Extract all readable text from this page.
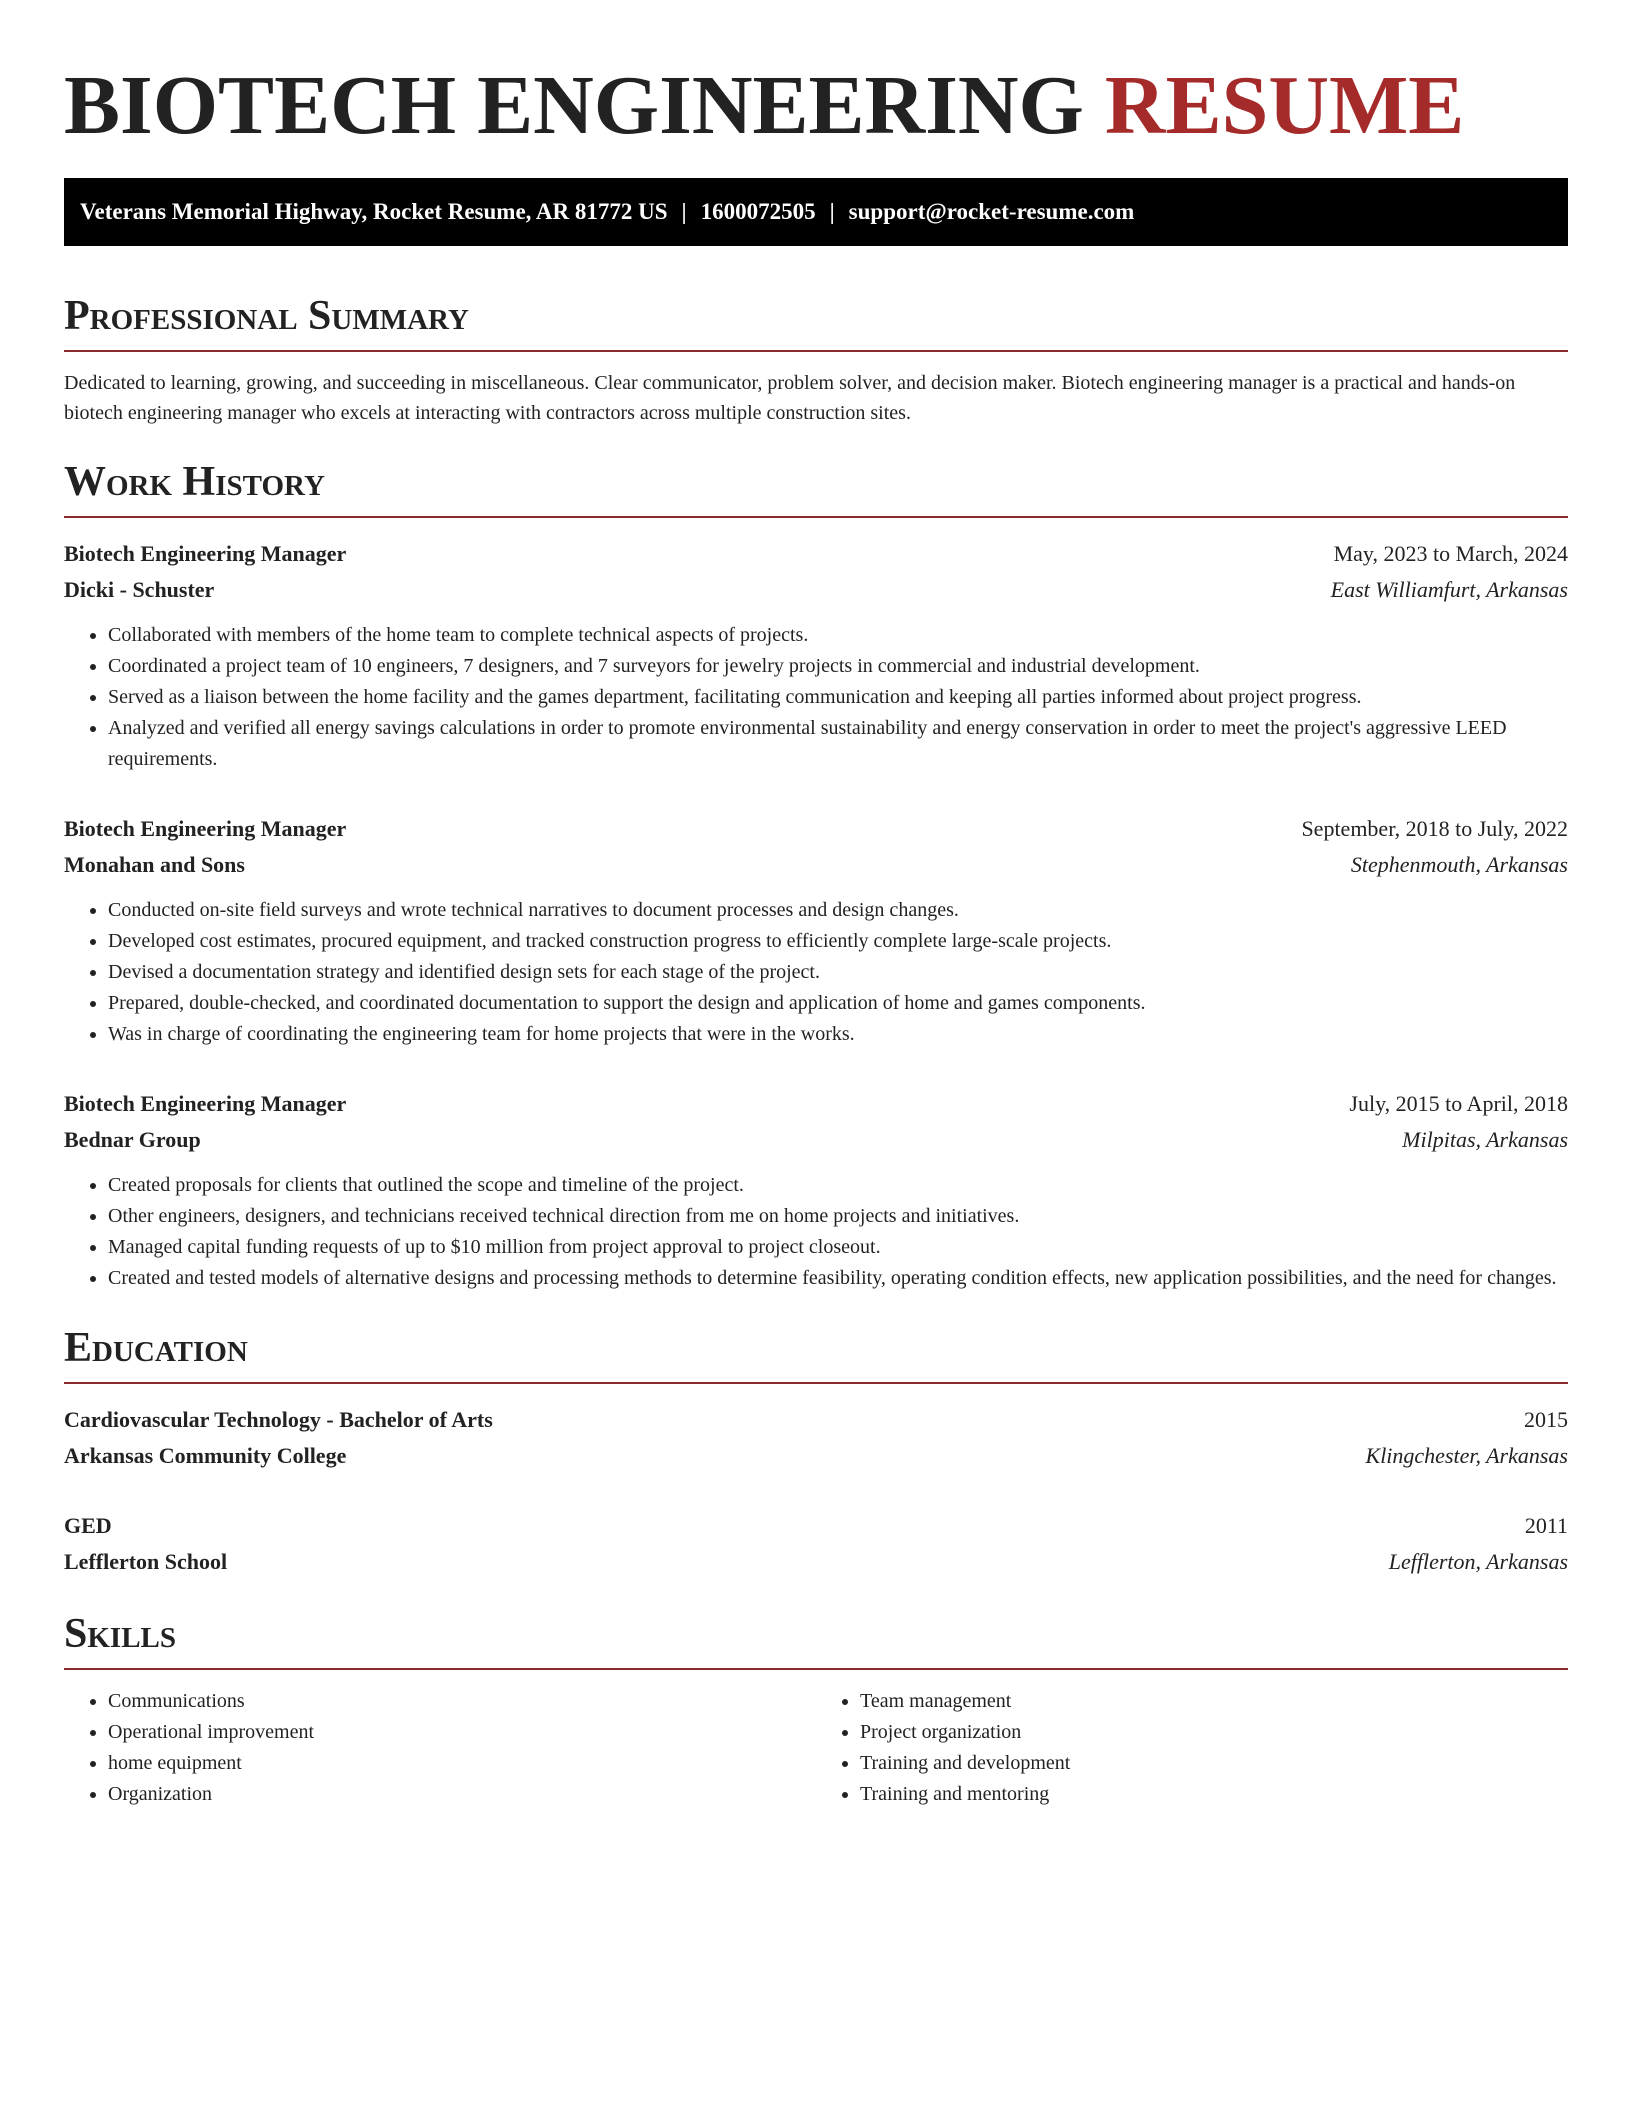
BIOTECH ENGINEERING RESUME
Veterans Memorial Highway, Rocket Resume, AR 81772 US | 1600072505 | support@rocket-resume.com
Professional Summary

Dedicated to learning, growing, and succeeding in miscellaneous. Clear communicator, problem solver, and decision maker. Biotech engineering manager is a practical and hands-on biotech engineering manager who excels at interacting with contractors across multiple construction sites.

Work History
Biotech Engineering Manager	May, 2023 to March, 2024
Dicki - Schuster	East Williamfurt, Arkansas
• Collaborated with members of the home team to complete technical aspects of projects.
• Coordinated a project team of 10 engineers, 7 designers, and 7 surveyors for jewelry projects in commercial and industrial development.
• Served as a liaison between the home facility and the games department, facilitating communication and keeping all parties informed about project progress.
• Analyzed and verified all energy savings calculations in order to promote environmental sustainability and energy conservation in order to meet the project's aggressive LEED requirements.
Biotech Engineering Manager	September, 2018 to July, 2022
Monahan and Sons	Stephenmouth, Arkansas
• Conducted on-site field surveys and wrote technical narratives to document processes and design changes.
• Developed cost estimates, procured equipment, and tracked construction progress to efficiently complete large-scale projects.
• Devised a documentation strategy and identified design sets for each stage of the project.
• Prepared, double-checked, and coordinated documentation to support the design and application of home and games components.
• Was in charge of coordinating the engineering team for home projects that were in the works.
Biotech Engineering Manager	July, 2015 to April, 2018
Bednar Group	Milpitas, Arkansas
• Created proposals for clients that outlined the scope and timeline of the project.
• Other engineers, designers, and technicians received technical direction from me on home projects and initiatives.
• Managed capital funding requests of up to $10 million from project approval to project closeout.
• Created and tested models of alternative designs and processing methods to determine feasibility, operating condition effects, new application possibilities, and the need for changes.
Education
Cardiovascular Technology - Bachelor of Arts	2015
Arkansas Community College	Klingchester, Arkansas
GED	2011
Lefflerton School	Lefflerton, Arkansas
Skills
• Communications
• Operational improvement
• home equipment
• Organization
• Team management
• Project organization
• Training and development
• Training and mentoring
